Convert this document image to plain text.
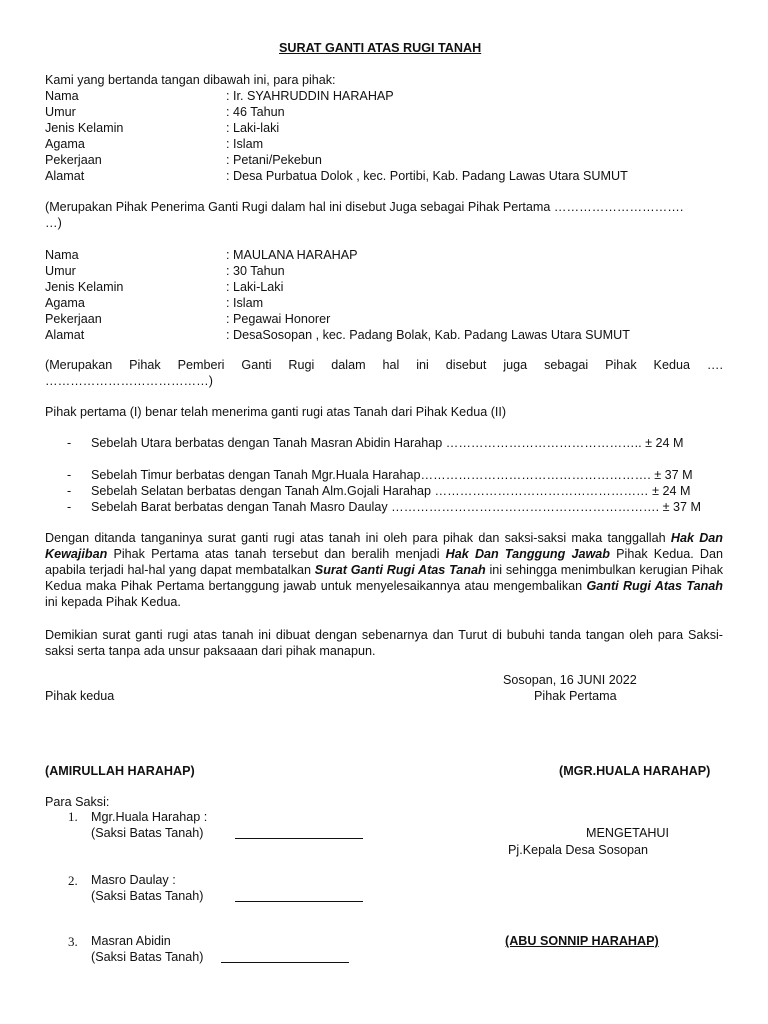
SURAT GANTI ATAS RUGI TANAH
Kami yang bertanda tangan dibawah ini, para pihak:
Nama	: Ir. SYAHRUDDIN HARAHAP
Umur	: 46 Tahun
Jenis Kelamin	: Laki-laki
Agama	: Islam
Pekerjaan	: Petani/Pekebun
Alamat	: Desa Purbatua Dolok , kec. Portibi, Kab. Padang Lawas Utara SUMUT
(Merupakan Pihak Penerima Ganti Rugi dalam hal ini disebut Juga sebagai Pihak Pertama ………………………….
…)
Nama	: MAULANA HARAHAP
Umur	: 30 Tahun
Jenis Kelamin	: Laki-Laki
Agama	: Islam
Pekerjaan	: Pegawai Honorer
Alamat	: DesaSosopan , kec. Padang Bolak, Kab. Padang Lawas Utara SUMUT
(Merupakan Pihak Pemberi Ganti Rugi dalam hal ini disebut juga sebagai Pihak Kedua ….
…………………………………)
Pihak pertama (I) benar telah menerima ganti rugi atas Tanah dari Pihak Kedua (II)
- Sebelah Utara berbatas dengan Tanah Masran Abidin Harahap ……………………………………….. ± 24 M
- Sebelah Timur berbatas dengan Tanah Mgr.Huala Harahap………………………………………………. ± 37 M
- Sebelah Selatan berbatas dengan Tanah Alm.Gojali Harahap …………………………………………… ± 24 M
- Sebelah Barat berbatas dengan Tanah Masro Daulay ………………………………………………………. ± 37 M
Dengan ditanda tanganinya surat ganti rugi atas tanah ini oleh para pihak dan saksi-saksi maka tanggallah Hak Dan Kewajiban Pihak Pertama atas tanah tersebut dan beralih menjadi Hak Dan Tanggung Jawab Pihak Kedua. Dan apabila terjadi hal-hal yang dapat membatalkan Surat Ganti Rugi Atas Tanah ini sehingga menimbulkan kerugian Pihak Kedua maka Pihak Pertama bertanggung jawab untuk menyelesaikannya atau mengembalikan Ganti Rugi Atas Tanah ini kepada Pihak Kedua.
Demikian surat ganti rugi atas tanah ini dibuat dengan sebenarnya dan Turut di bubuhi tanda tangan oleh para Saksi-saksi serta tanpa ada unsur paksaaan dari pihak manapun.
Sosopan, 16 JUNI 2022
Pihak kedua	Pihak Pertama
(AMIRULLAH HARAHAP)	(MGR.HUALA HARAHAP)
Para Saksi:
1. Mgr.Huala Harahap :
(Saksi Batas Tanah)	MENGETAHUI
Pj.Kepala Desa Sosopan
2. Masro Daulay :
(Saksi Batas Tanah)
3. Masran Abidin
(Saksi Batas Tanah)
(ABU SONNIP HARAHAP)
